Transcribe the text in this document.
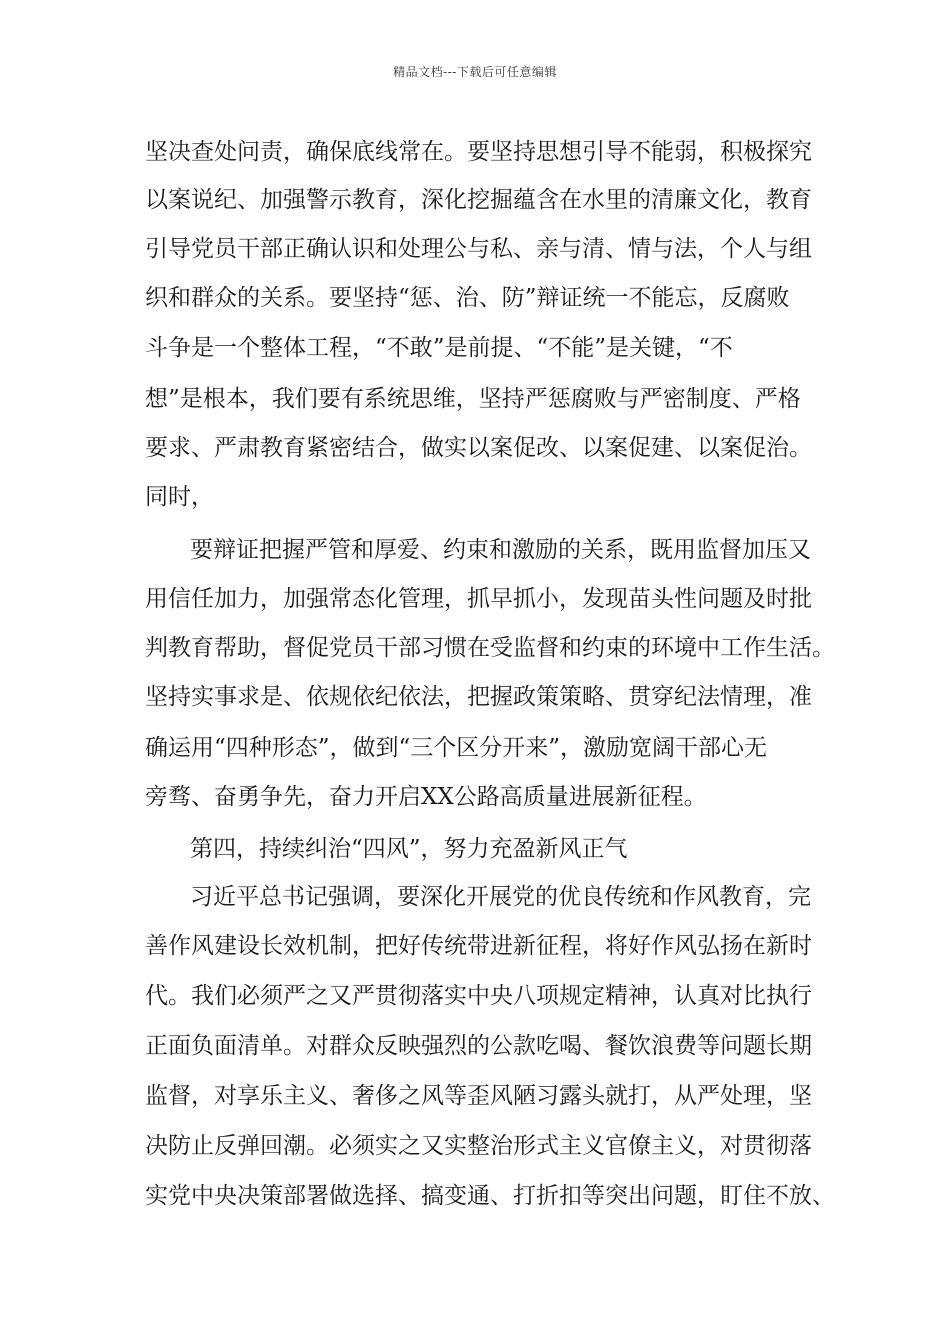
精品文档---下载后可任意编辑
坚决查处问责，确保底线常在。要坚持思想引导不能弱，积极探究
以案说纪、加强警示教育，深化挖掘蕴含在水里的清廉文化，教育
引导党员干部正确认识和处理公与私、亲与清、情与法，个人与组
织和群众的关系。要坚持“惩、治、防”辩证统一不能忘，反腐败
斗争是一个整体工程，“不敢”是前提、“不能”是关键，“不
想”是根本，我们要有系统思维，坚持严惩腐败与严密制度、严格
要求、严肃教育紧密结合，做实以案促改、以案促建、以案促治。
同时，
要辩证把握严管和厚爱、约束和激励的关系，既用监督加压又
用信任加力，加强常态化管理，抓早抓小，发现苗头性问题及时批
判教育帮助，督促党员干部习惯在受监督和约束的环境中工作生活。
坚持实事求是、依规依纪依法，把握政策策略、贯穿纪法情理，准
确运用“四种形态”，做到“三个区分开来”，激励宽阔干部心无
旁骛、奋勇争先，奋力开启XX公路高质量进展新征程。
第四，持续纠治“四风”，努力充盈新风正气
习近平总书记强调，要深化开展党的优良传统和作风教育，完
善作风建设长效机制，把好传统带进新征程，将好作风弘扬在新时
代。我们必须严之又严贯彻落实中央八项规定精神，认真对比执行
正面负面清单。对群众反映强烈的公款吃喝、餐饮浪费等问题长期
监督，对享乐主义、奢侈之风等歪风陋习露头就打，从严处理，坚
决防止反弹回潮。必须实之又实整治形式主义官僚主义，对贯彻落
实党中央决策部署做选择、搞变通、打折扣等突出问题，盯住不放、
